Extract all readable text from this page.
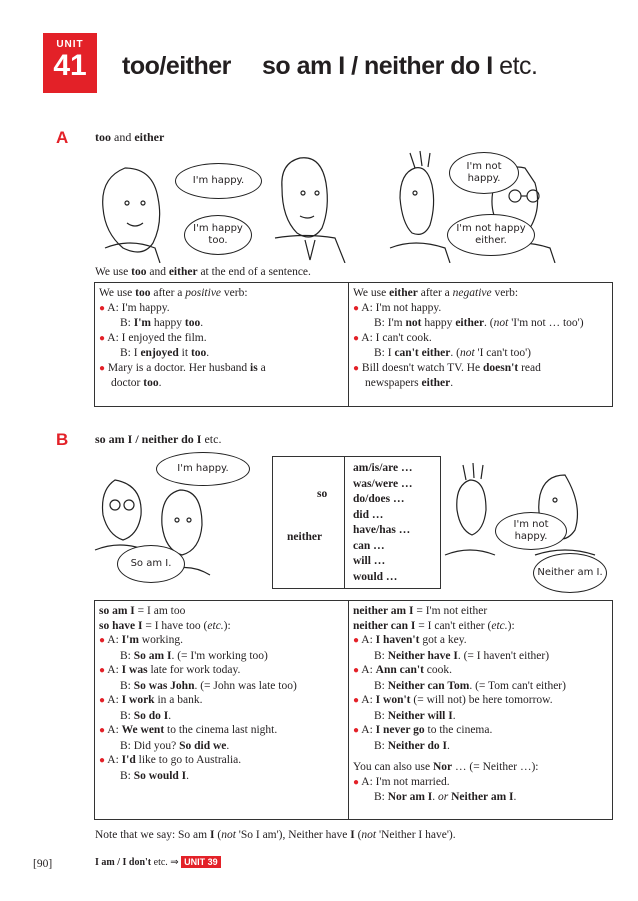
UNIT
41	too/either so am I / neither do I etc.
A too and either
I'm happy.
I'm happy too.
I'm not happy.
I'm not happy either.
We use too and either at the end of a sentence.
We use too after a positive verb:
● A: I'm happy.
B: I'm happy too.
● A: I enjoyed the film.
B: I enjoyed it too.
● Mary is a doctor. Her husband is a
doctor too.
We use either after a negative verb:
● A: I'm not happy.
B: I'm not happy either. (not 'I'm not … too')
● A: I can't cook.
B: I can't either. (not 'I can't too')
● Bill doesn't watch TV. He doesn't read
newspapers either.
B so am I / neither do I etc.
I'm happy.
So am I.
I'm not happy.
Neither am I.
so
neither
am/is/are …
was/were …
do/does …
did …
have/has …
can …
will …
would …
so am I = I am too
so have I = I have too (etc.):
● A: I'm working.
B: So am I. (= I'm working too)
● A: I was late for work today.
B: So was John. (= John was late too)
● A: I work in a bank.
B: So do I.
● A: We went to the cinema last night.
B: Did you? So did we.
● A: I'd like to go to Australia.
B: So would I.
neither am I = I'm not either
neither can I = I can't either (etc.):
● A: I haven't got a key.
B: Neither have I. (= I haven't either)
● A: Ann can't cook.
B: Neither can Tom. (= Tom can't either)
● A: I won't (= will not) be here tomorrow.
B: Neither will I.
● A: I never go to the cinema.
B: Neither do I.
You can also use Nor … (= Neither …):
● A: I'm not married.
B: Nor am I. or Neither am I.
Note that we say: So am I (not 'So I am'), Neither have I (not 'Neither I have').
[90]	I am / I don't etc. ⇒ UNIT 39
